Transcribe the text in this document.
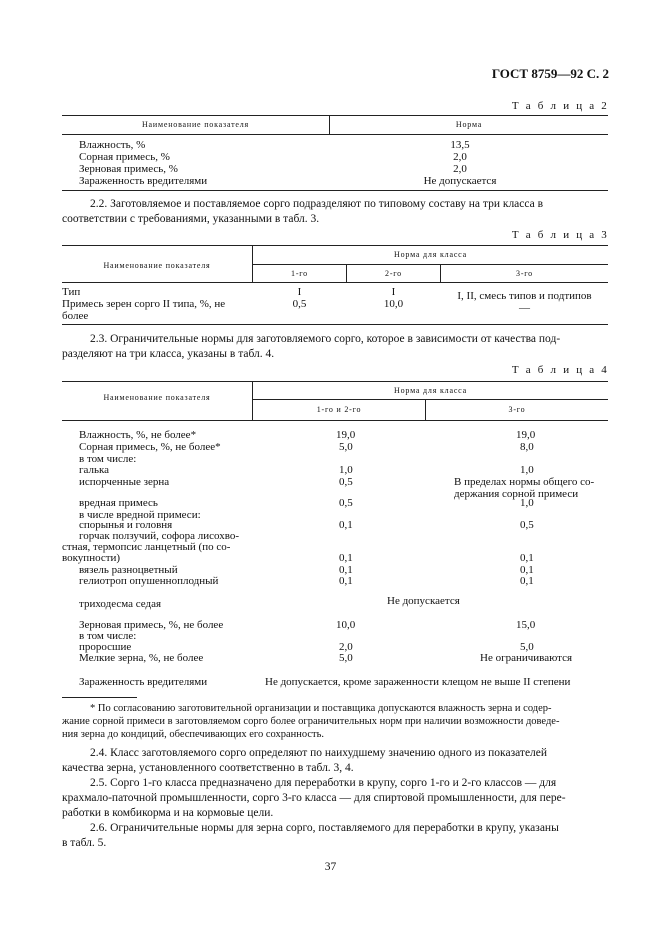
ГОСТ 8759—92 С. 2
Т а б л и ц а 2
Наименование показателя	Норма
Влажность, %	13,5
Сорная примесь, %	2,0
Зерновая примесь, %	2,0
Зараженность вредителями	Не допускается
2.2. Заготовляемое и поставляемое сорго подразделяют по типовому составу на три класса в
соответствии с требованиями, указанными в табл. 3.
Т а б л и ц а 3
Наименование показателя
Норма для класса
1-го	2-го	3-го
Тип	I	I	I, II, смесь типов и подтипов
Примесь зерен сорго II типа, %, не
более
0,5	10,0	—
2.3. Ограничительные нормы для заготовляемого сорго, которое в зависимости от качества под-
разделяют на три класса, указаны в табл. 4.
Т а б л и ц а 4
Наименование показателя
Норма для класса
1-го и 2-го	3-го
Влажность, %, не более*	19,0	19,0
Сорная примесь, %, не более*	5,0	8,0
в том числе:
галька	1,0	1,0
испорченные зерна	0,5	В пределах нормы общего со-
держания сорной примеси
вредная примесь	0,5	1,0
в числе вредной примеси:
спорынья и головня	0,1	0,5
горчак ползучий, софора лисохво-
стная, термопсис ланцетный (по со-
вокупности)	0,1	0,1
вязель разноцветный	0,1	0,1
гелиотроп опушенноплодный	0,1	0,1
триходесма седая	Не допускается
Зерновая примесь, %, не более	10,0	15,0
в том числе:
проросшие	2,0	5,0
Мелкие зерна, %, не более	5,0	Не ограничиваются
Зараженность вредителями	Не допускается, кроме зараженности клещом не выше II степени
* По согласованию заготовительной организации и поставщика допускаются влажность зерна и содер-
жание сорной примеси в заготовляемом сорго более ограничительных норм при наличии возможности доведе-
ния зерна до кондиций, обеспечивающих его сохранность.
2.4. Класс заготовляемого сорго определяют по наихудшему значению одного из показателей
качества зерна, установленного соответственно в табл. 3, 4.
2.5. Сорго 1-го класса предназначено для переработки в крупу, сорго 1-го и 2-го классов — для
крахмало-паточной промышленности, сорго 3-го класса — для спиртовой промышленности, для пере-
работки в комбикорма и на кормовые цели.
2.6. Ограничительные нормы для зерна сорго, поставляемого для переработки в крупу, указаны
в табл. 5.
37
